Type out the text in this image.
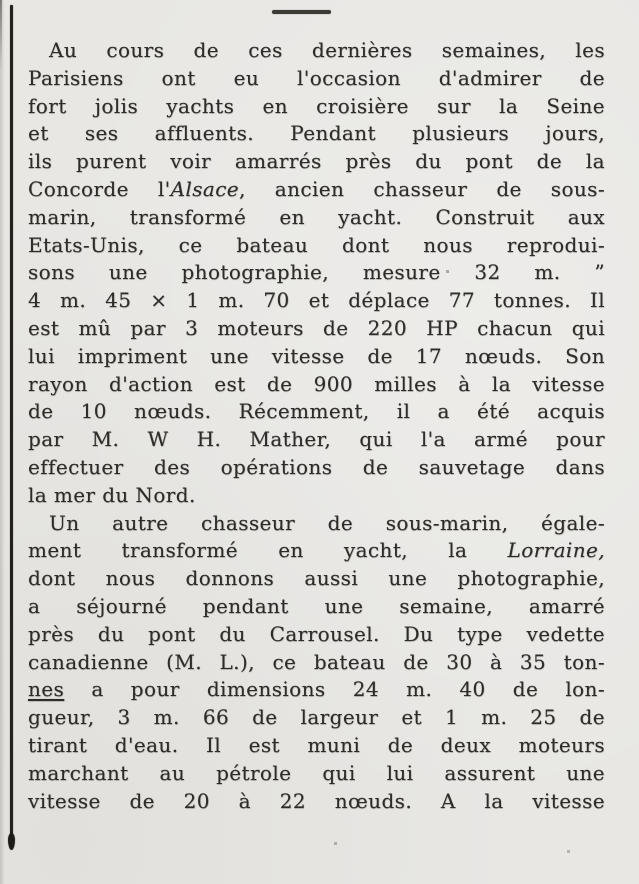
Au cours de ces dernières semaines, les
Parisiens ont eu l'occasion d'admirer de
fort jolis yachts en croisière sur la Seine
et ses affluents. Pendant plusieurs jours,
ils purent voir amarrés près du pont de la
Concorde l'Alsace, ancien chasseur de sous-
marin, transformé en yacht. Construit aux
Etats-Unis, ce bateau dont nous reprodui-
sons une photographie, mesure 32 m. ”
4 m. 45 × 1 m. 70 et déplace 77 tonnes. Il
est mû par 3 moteurs de 220 HP chacun qui
lui impriment une vitesse de 17 nœuds. Son
rayon d'action est de 900 milles à la vitesse
de 10 nœuds. Récemment, il a été acquis
par M. W H. Mather, qui l'a armé pour
effectuer des opérations de sauvetage dans
la mer du Nord.
Un autre chasseur de sous-marin, égale-
ment transformé en yacht, la Lorraine,
dont nous donnons aussi une photographie,
a séjourné pendant une semaine, amarré
près du pont du Carrousel. Du type vedette
canadienne (M. L.), ce bateau de 30 à 35 ton-
nes a pour dimensions 24 m. 40 de lon-
gueur, 3 m. 66 de largeur et 1 m. 25 de
tirant d'eau. Il est muni de deux moteurs
marchant au pétrole qui lui assurent une
vitesse de 20 à 22 nœuds. A la vitesse
